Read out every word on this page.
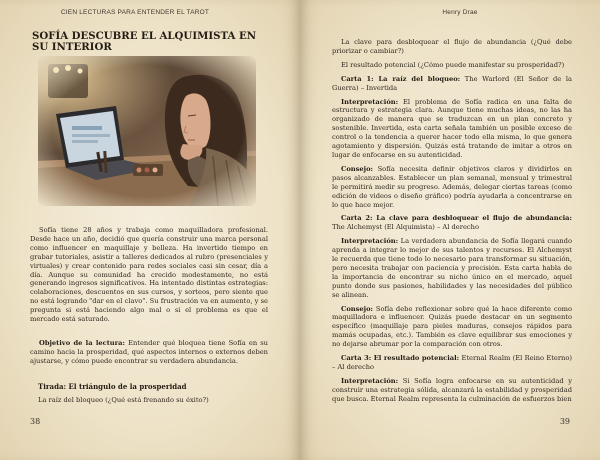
CIEN LECTURAS PARA ENTENDER EL TAROT
SOFÍA DESCUBRE EL ALQUIMISTA EN SU INTERIOR

Sofía tiene 28 años y trabaja como maquilladora profesional. Desde hace un año, decidió que quería construir una marca personal como influencer en maquillaje y belleza. Ha invertido tiempo en grabar tutoriales, asistir a talleres dedicados al rubro (presenciales y virtuales) y crear contenido para redes sociales casi sin cesar, día a día. Aunque su comunidad ha crecido modestamente, no está generando ingresos significativos. Ha intentado distintas estrategias: colaboraciones, descuentos en sus cursos, y sorteos, pero siente que no está logrando "dar en el clavo". Su frustración va en aumento, y se pregunta si está haciendo algo mal o si el problema es que el mercado está saturado.

Objetivo de la lectura: Entender qué bloquea tiene Sofía en su camino hacia la prosperidad, qué aspectos internos o externos deben ajustarse, y cómo puede encontrar su verdadera abundancia.

Tirada: El triángulo de la prosperidad
La raíz del bloqueo (¿Qué está frenando su éxito?)
38
Henry Drae

La clave para desbloquear el flujo de abundancia (¿Qué debe priorizar o cambiar?)

El resultado potencial (¿Cómo puede manifestar su prosperidad?)

Carta 1: La raíz del bloqueo: The Warlord (El Señor de la Guerra) – Invertida

Interpretación: El problema de Sofía radica en una falta de estructura y estrategia clara. Aunque tiene muchas ideas, no las ha organizado de manera que se traduzcan en un plan concreto y sostenible. Invertida, esta carta señala también un posible exceso de control o la tendencia a querer hacer todo ella misma, lo que genera agotamiento y dispersión. Quizás está tratando de imitar a otros en lugar de enfocarse en su autenticidad.

Consejo: Sofía necesita definir objetivos claros y dividirlos en pasos alcanzables. Establecer un plan semanal, mensual y trimestral le permitirá medir su progreso. Además, delegar ciertas tareas (como edición de videos o diseño gráfico) podría ayudarla a concentrarse en lo que hace mejor.

Carta 2: La clave para desbloquear el flujo de abundancia: The Alchemyst (El Alquimista) – Al derecho

Interpretación: La verdadera abundancia de Sofía llegará cuando aprenda a integrar lo mejor de sus talentos y recursos. El Alchemyst le recuerda que tiene todo lo necesario para transformar su situación, pero necesita trabajar con paciencia y precisión. Esta carta habla de la importancia de encontrar su nicho único en el mercado, aquel punto donde sus pasiones, habilidades y las necesidades del público se alinean.

Consejo: Sofía debe reflexionar sobre qué la hace diferente como maquilladora e influencer. Quizás puede destacar en un segmento específico (maquillaje para pieles maduras, consejos rápidos para mamás ocupadas, etc.). También es clave equilibrar sus emociones y no dejarse abrumar por la comparación con otros.

Carta 3: El resultado potencial: Eternal Realm (El Reino Eterno) – Al derecho

Interpretación: Si Sofía logra enfocarse en su autenticidad y construir una estrategia sólida, alcanzará la estabilidad y prosperidad que busca. Eternal Realm representa la culminación de esfuerzos bien

39
